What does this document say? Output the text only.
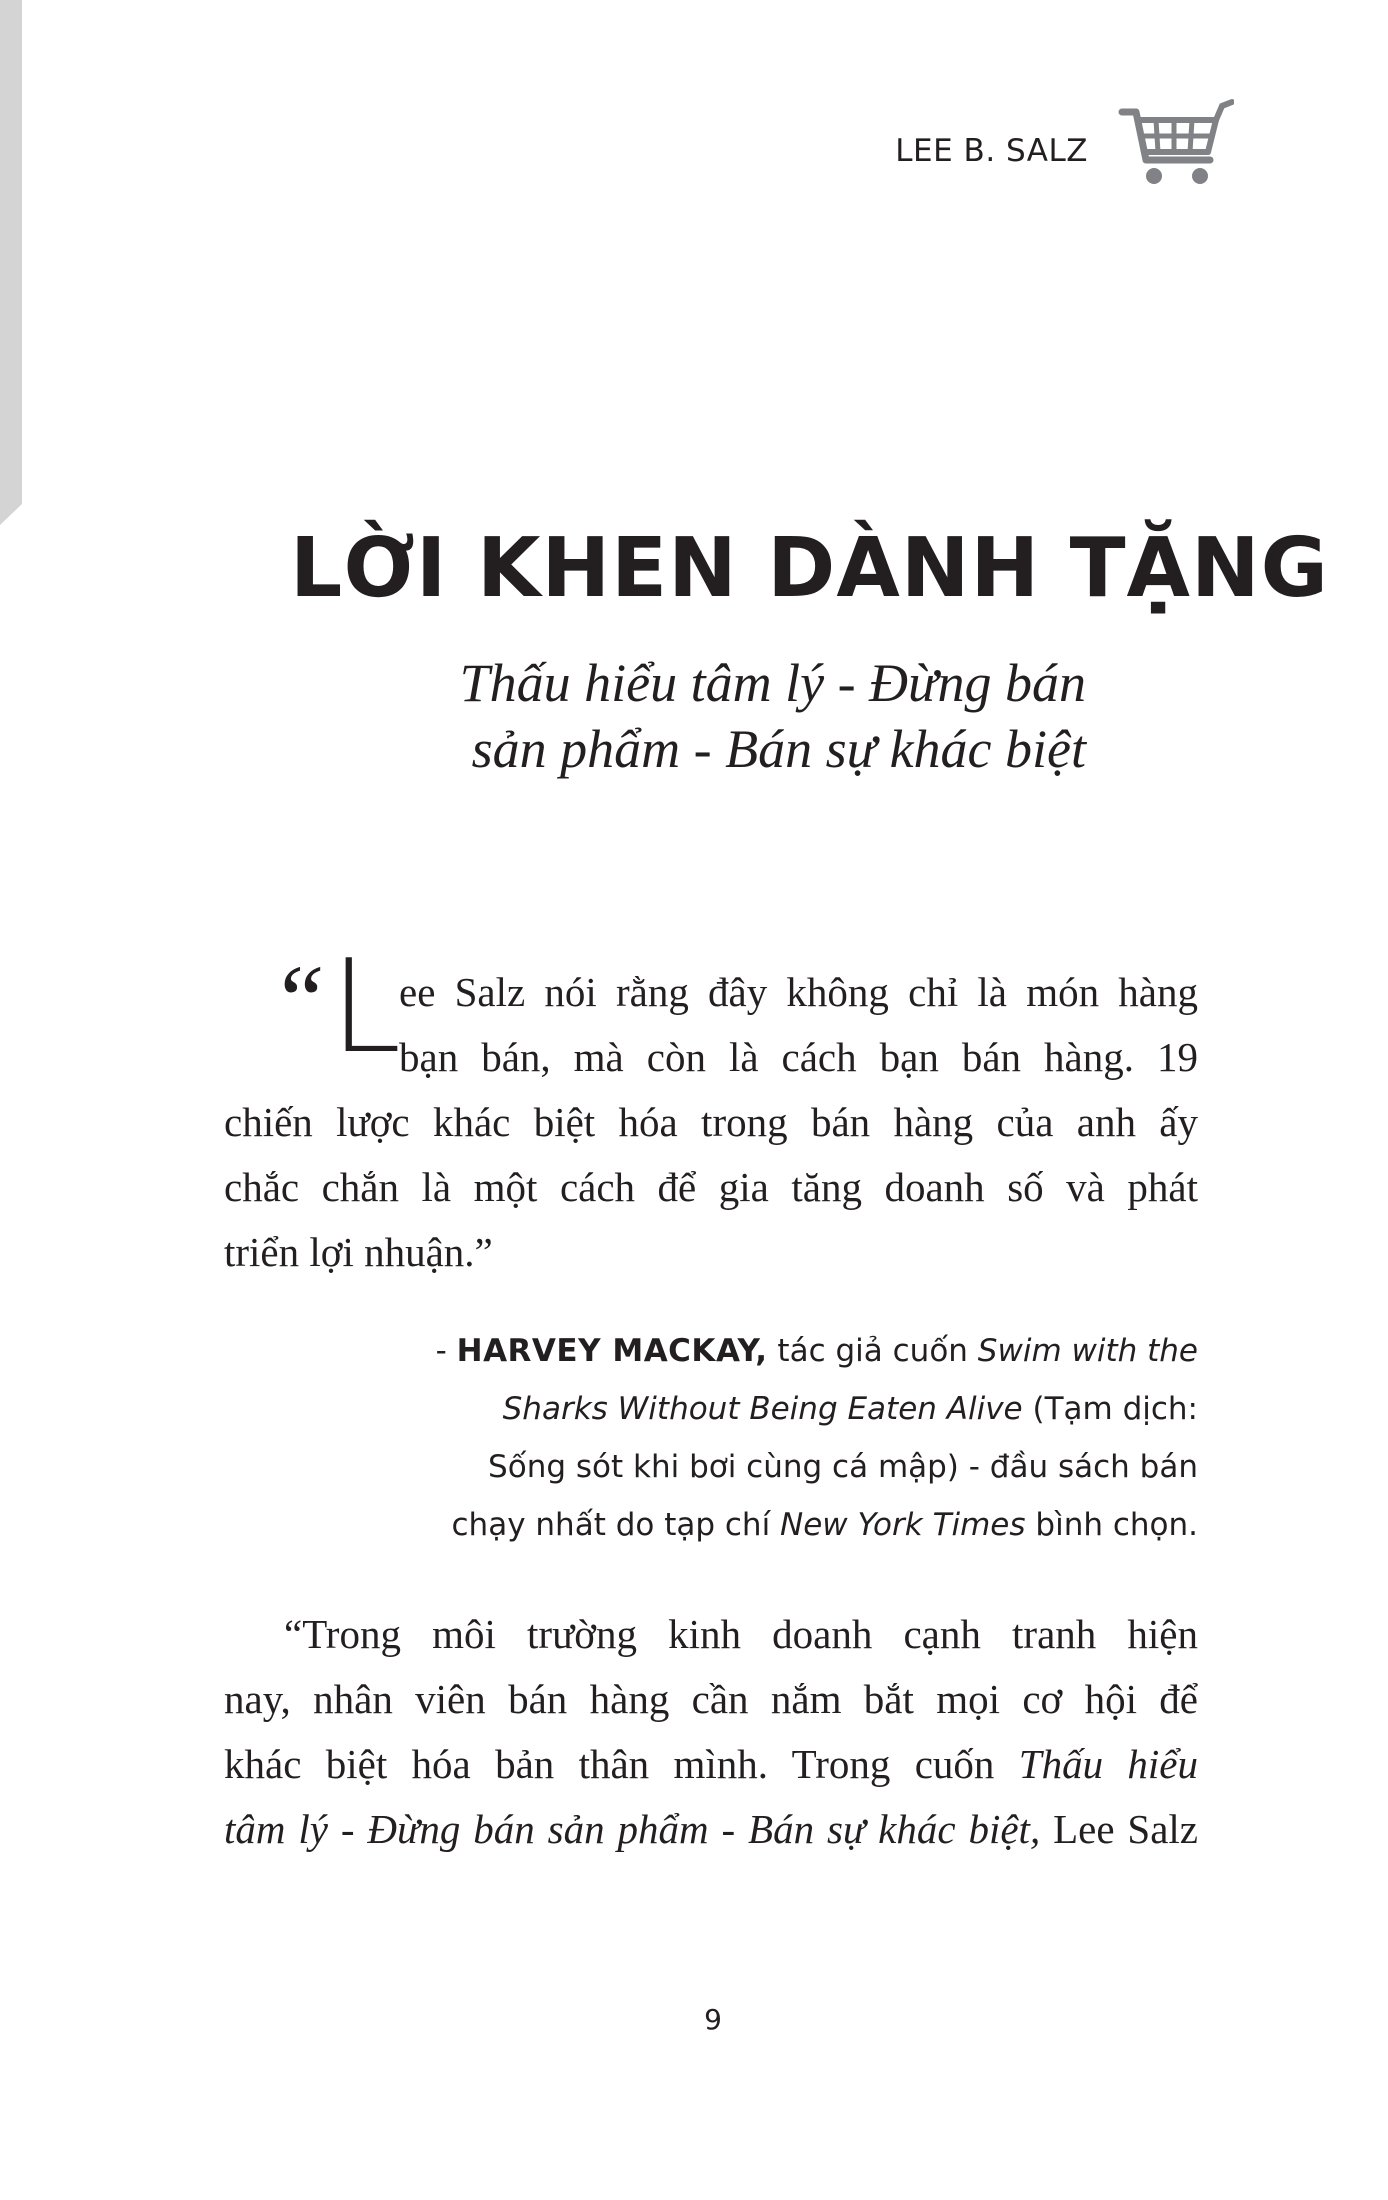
LEE B. SALZ
LỜI KHEN DÀNH TẶNG
Thấu hiểu tâm lý - Đừng bán
sản phẩm - Bán sự khác biệt
“ L
ee Salz nói rằng đây không chỉ là món hàng
bạn bán, mà còn là cách bạn bán hàng. 19
chiến lược khác biệt hóa trong bán hàng của anh ấy
chắc chắn là một cách để gia tăng doanh số và phát
triển lợi nhuận.”
- HARVEY MACKAY, tác giả cuốn Swim with the
Sharks Without Being Eaten Alive (Tạm dịch:
Sống sót khi bơi cùng cá mập) - đầu sách bán
chạy nhất do tạp chí New York Times bình chọn.
“Trong môi trường kinh doanh cạnh tranh hiện
nay, nhân viên bán hàng cần nắm bắt mọi cơ hội để
khác biệt hóa bản thân mình. Trong cuốn Thấu hiểu
tâm lý - Đừng bán sản phẩm - Bán sự khác biệt, Lee Salz
9
